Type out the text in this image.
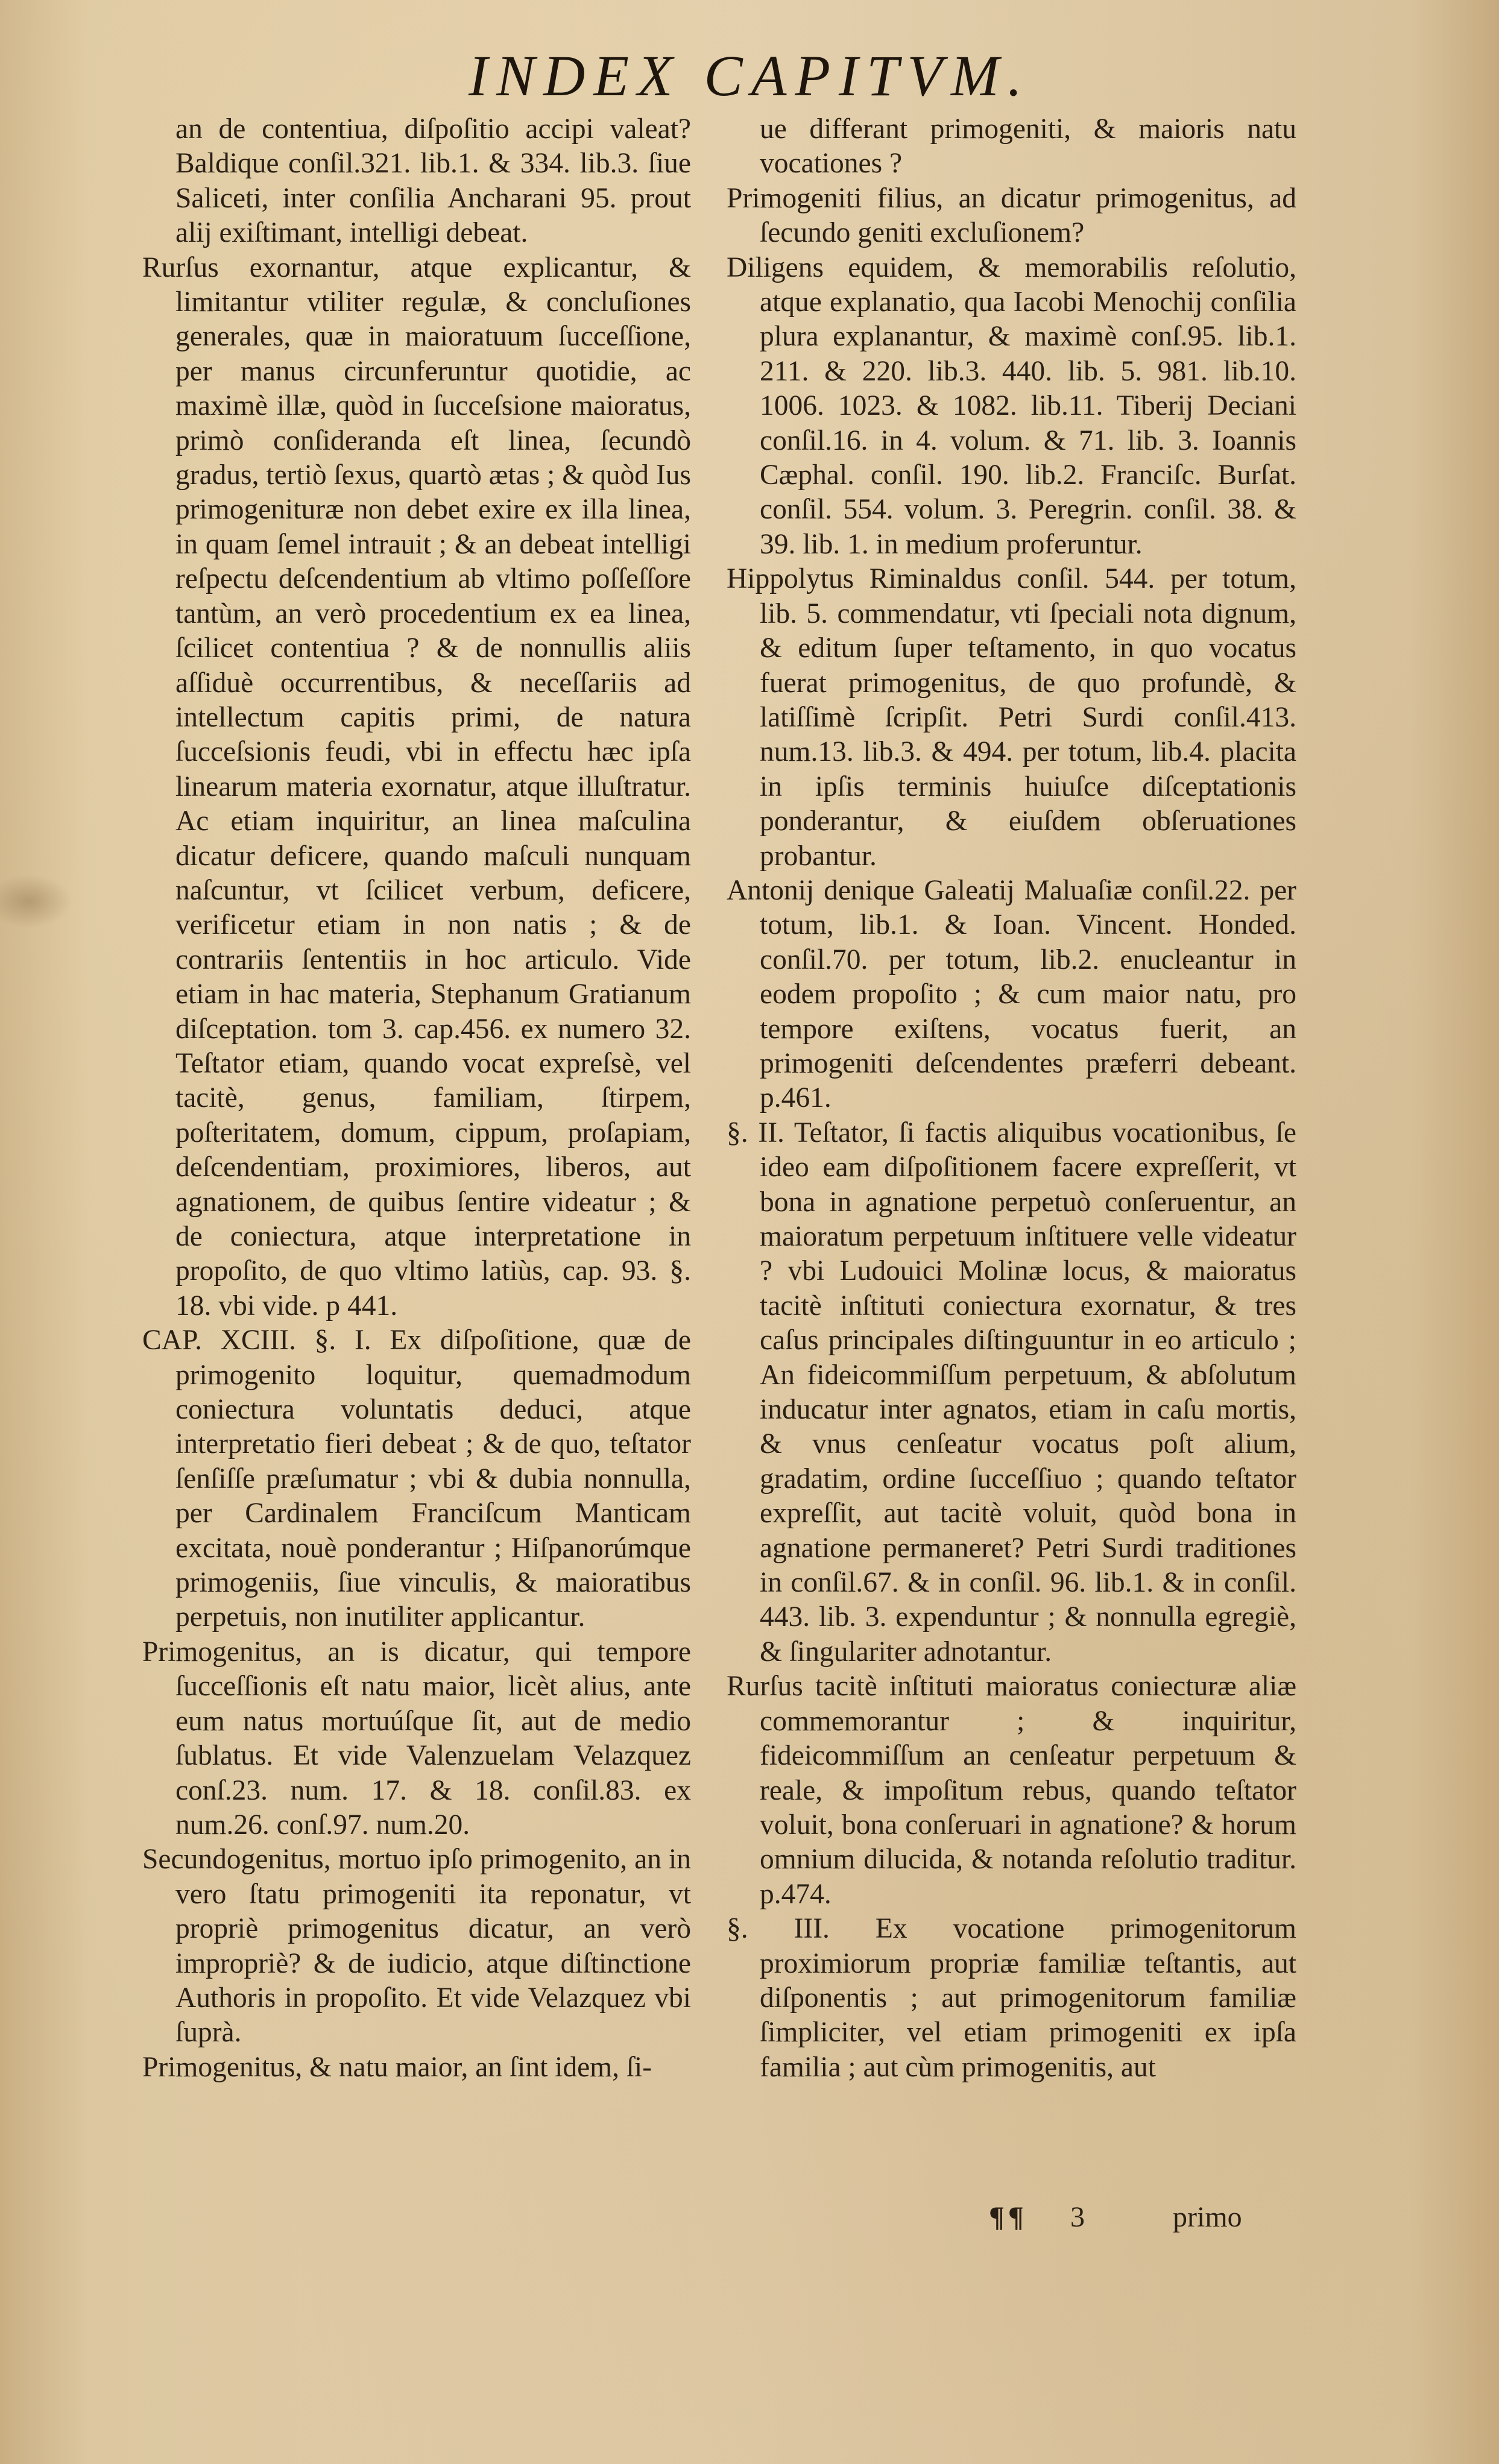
INDEX CAPITVM.

an de contentiua, diſpoſitio accipi valeat? Baldique conſil.321. lib.1. & 334. lib.3. ſiue Saliceti, inter conſilia Ancharani 95. prout alij exiſtimant, intelligi debeat.

Rurſus exornantur, atque explicantur, & limitantur vtiliter regulæ, & concluſiones generales, quæ in maioratuum ſucceſſione, per manus circunferuntur quotidie, ac maximè illæ, quòd in ſucceſsione maioratus, primò conſideranda eſt linea, ſecundò gradus, tertiò ſexus, quartò ætas ; & quòd Ius primogenituræ non debet exire ex illa linea, in quam ſemel intrauit ; & an debeat intelligi reſpectu deſcendentium ab vltimo poſſeſſore tantùm, an verò procedentium ex ea linea, ſcilicet contentiua ? & de nonnullis aliis aſſiduè occurrentibus, & neceſſariis ad intellectum capitis primi, de natura ſucceſsionis feudi, vbi in effectu hæc ipſa linearum materia exornatur, atque illuſtratur. Ac etiam inquiritur, an linea maſculina dicatur deficere, quando maſculi nunquam naſcuntur, vt ſcilicet verbum, deficere, verificetur etiam in non natis ; & de contrariis ſententiis in hoc articulo. Vide etiam in hac materia, Stephanum Gratianum diſceptation. tom 3. cap.456. ex numero 32. Teſtator etiam, quando vocat expreſsè, vel tacitè, genus, familiam, ſtirpem, poſteritatem, domum, cippum, proſapiam, deſcendentiam, proximiores, liberos, aut agnationem, de quibus ſentire videatur ; & de coniectura, atque interpretatione in propoſito, de quo vltimo latiùs, cap. 93. §. 18. vbi vide. p 441.

CAP. XCIII. §. I. Ex diſpoſitione, quæ de primogenito loquitur, quemadmodum coniectura voluntatis deduci, atque interpretatio fieri debeat ; & de quo, teſtator ſenſiſſe præſumatur ; vbi & dubia nonnulla, per Cardinalem Franciſcum Manticam excitata, nouè ponderantur ; Hiſpanorúmque primogeniis, ſiue vinculis, & maioratibus perpetuis, non inutiliter applicantur.

Primogenitus, an is dicatur, qui tempore ſucceſſionis eſt natu maior, licèt alius, ante eum natus mortuúſque ſit, aut de medio ſublatus. Et vide Valenzuelam Velazquez conſ.23. num. 17. & 18. conſil.83. ex num.26. conſ.97. num.20.

Secundogenitus, mortuo ipſo primogenito, an in vero ſtatu primogeniti ita reponatur, vt propriè primogenitus dicatur, an verò impropriè? & de iudicio, atque diſtinctione Authoris in propoſito. Et vide Velazquez vbi ſuprà.

Primogenitus, & natu maior, an ſint idem, ſi-

ue differant primogeniti, & maioris natu vocationes ?

Primogeniti filius, an dicatur primogenitus, ad ſecundo geniti excluſionem?

Diligens equidem, & memorabilis reſolutio, atque explanatio, qua Iacobi Menochij conſilia plura explanantur, & maximè conſ.95. lib.1. 211. & 220. lib.3. 440. lib. 5. 981. lib.10. 1006. 1023. & 1082. lib.11. Tiberij Deciani conſil.16. in 4. volum. & 71. lib. 3. Ioannis Cæphal. conſil. 190. lib.2. Franciſc. Burſat. conſil. 554. volum. 3. Peregrin. conſil. 38. & 39. lib. 1. in medium proferuntur.

Hippolytus Riminaldus conſil. 544. per totum, lib. 5. commendatur, vti ſpeciali nota dignum, & editum ſuper teſtamento, in quo vocatus fuerat primogenitus, de quo profundè, & latiſſimè ſcripſit. Petri Surdi conſil.413. num.13. lib.3. & 494. per totum, lib.4. placita in ipſis terminis huiuſce diſceptationis ponderantur, & eiuſdem obſeruationes probantur.

Antonij denique Galeatij Maluaſiæ conſil.22. per totum, lib.1. & Ioan. Vincent. Honded. conſil.70. per totum, lib.2. enucleantur in eodem propoſito ; & cum maior natu, pro tempore exiſtens, vocatus fuerit, an primogeniti deſcendentes præferri debeant. p.461.

§. II. Teſtator, ſi factis aliquibus vocationibus, ſe ideo eam diſpoſitionem facere expreſſerit, vt bona in agnatione perpetuò conſeruentur, an maioratum perpetuum inſtituere velle videatur ? vbi Ludouici Molinæ locus, & maioratus tacitè inſtituti coniectura exornatur, & tres caſus principales diſtinguuntur in eo articulo ; An fideicommiſſum perpetuum, & abſolutum inducatur inter agnatos, etiam in caſu mortis, & vnus cenſeatur vocatus poſt alium, gradatim, ordine ſucceſſiuo ; quando teſtator expreſſit, aut tacitè voluit, quòd bona in agnatione permaneret? Petri Surdi traditiones in conſil.67. & in conſil. 96. lib.1. & in conſil. 443. lib. 3. expenduntur ; & nonnulla egregiè, & ſingulariter adnotantur.

Rurſus tacitè inſtituti maioratus coniecturæ aliæ commemorantur ; & inquiritur, fideicommiſſum an cenſeatur perpetuum & reale, & impoſitum rebus, quando teſtator voluit, bona conſeruari in agnatione? & horum omnium dilucida, & notanda reſolutio traditur. p.474.

§. III. Ex vocatione primogenitorum proximiorum propriæ familiæ teſtantis, aut diſponentis ; aut primogenitorum familiæ ſimpliciter, vel etiam primogeniti ex ipſa familia ; aut cùm primogenitis, aut

¶¶ 3	primo
